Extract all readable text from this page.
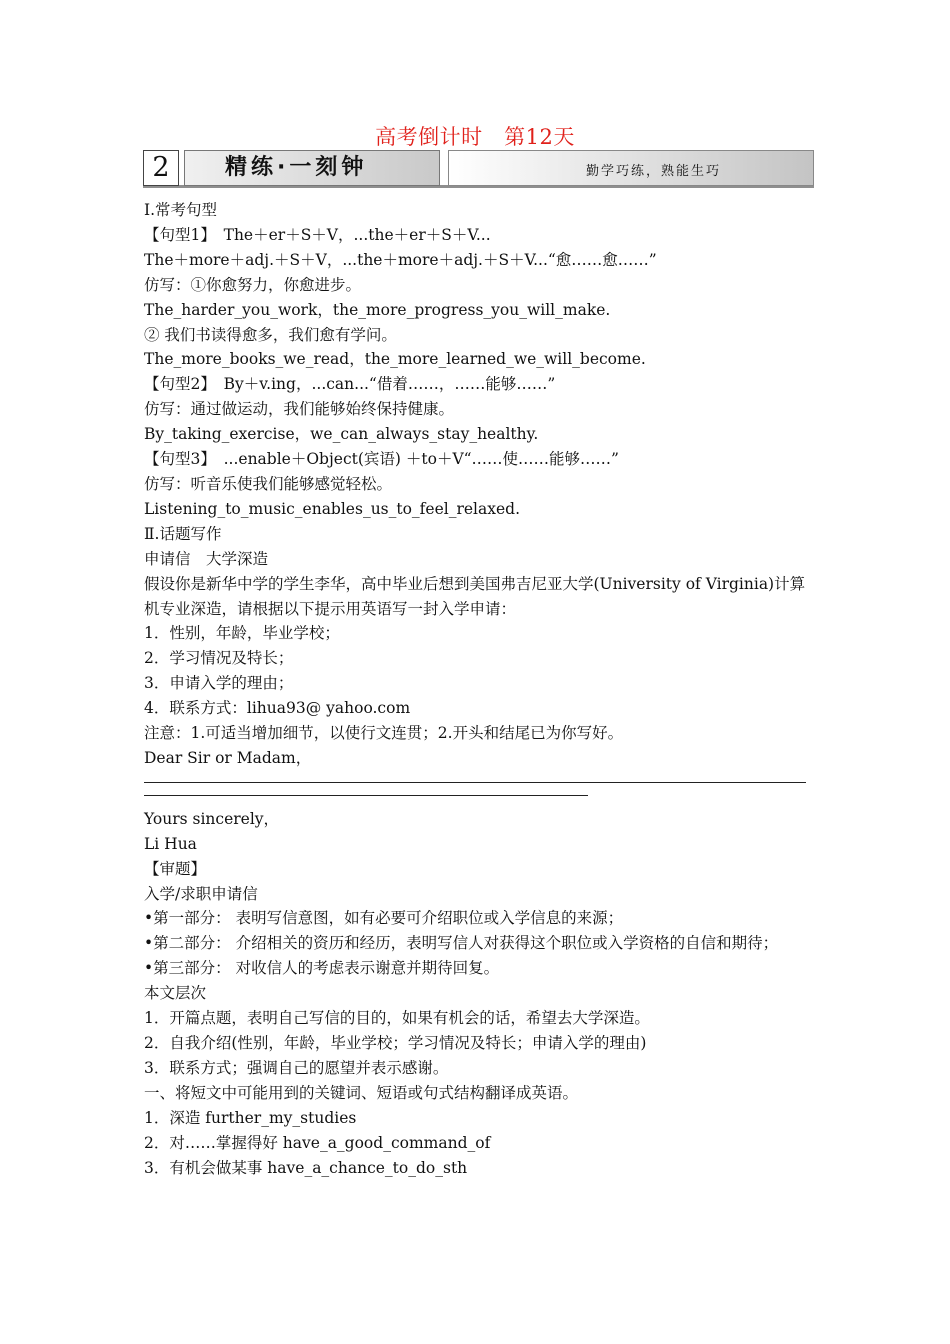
高考倒计时　第12天
2	精练·一刻钟	勤学巧练，熟能生巧
Ⅰ.常考句型
【句型1】　The＋er＋S＋V，...the＋er＋S＋V...
The＋more＋adj.＋S＋V，...the＋more＋adj.＋S＋V...“愈……愈……”
仿写：①你愈努力，你愈进步。
The_harder_you_work，the_more_progress_you_will_make.
② 我们书读得愈多，我们愈有学问。
The_more_books_we_read，the_more_learned_we_will_become.
【句型2】　By＋v.ing，...can...“借着……，……能够……”
仿写：通过做运动，我们能够始终保持健康。
By_taking_exercise，we_can_always_stay_healthy.
【句型3】　...enable＋Object(宾语) ＋to＋V“……使……能够……”
仿写：听音乐使我们能够感觉轻松。
Listening_to_music_enables_us_to_feel_relaxed.
Ⅱ.话题写作
申请信　大学深造
假设你是新华中学的学生李华，高中毕业后想到美国弗吉尼亚大学(University of Virginia)计算机专业深造，请根据以下提示用英语写一封入学申请：
1．性别，年龄，毕业学校；
2．学习情况及特长；
3．申请入学的理由；
4．联系方式：lihua93@ yahoo.com
注意：1.可适当增加细节，以使行文连贯；2.开头和结尾已为你写好。
Dear Sir or Madam，
Yours sincerely，
Li Hua
【审题】
入学/求职申请信
•第一部分： 表明写信意图，如有必要可介绍职位或入学信息的来源；
•第二部分： 介绍相关的资历和经历，表明写信人对获得这个职位或入学资格的自信和期待；
•第三部分： 对收信人的考虑表示谢意并期待回复。
本文层次
1．开篇点题，表明自己写信的目的，如果有机会的话，希望去大学深造。
2．自我介绍(性别，年龄，毕业学校；学习情况及特长；申请入学的理由)
3．联系方式；强调自己的愿望并表示感谢。
一、将短文中可能用到的关键词、短语或句式结构翻译成英语。
1．深造 further_my_studies
2．对……掌握得好 have_a_good_command_of
3．有机会做某事 have_a_chance_to_do_sth
